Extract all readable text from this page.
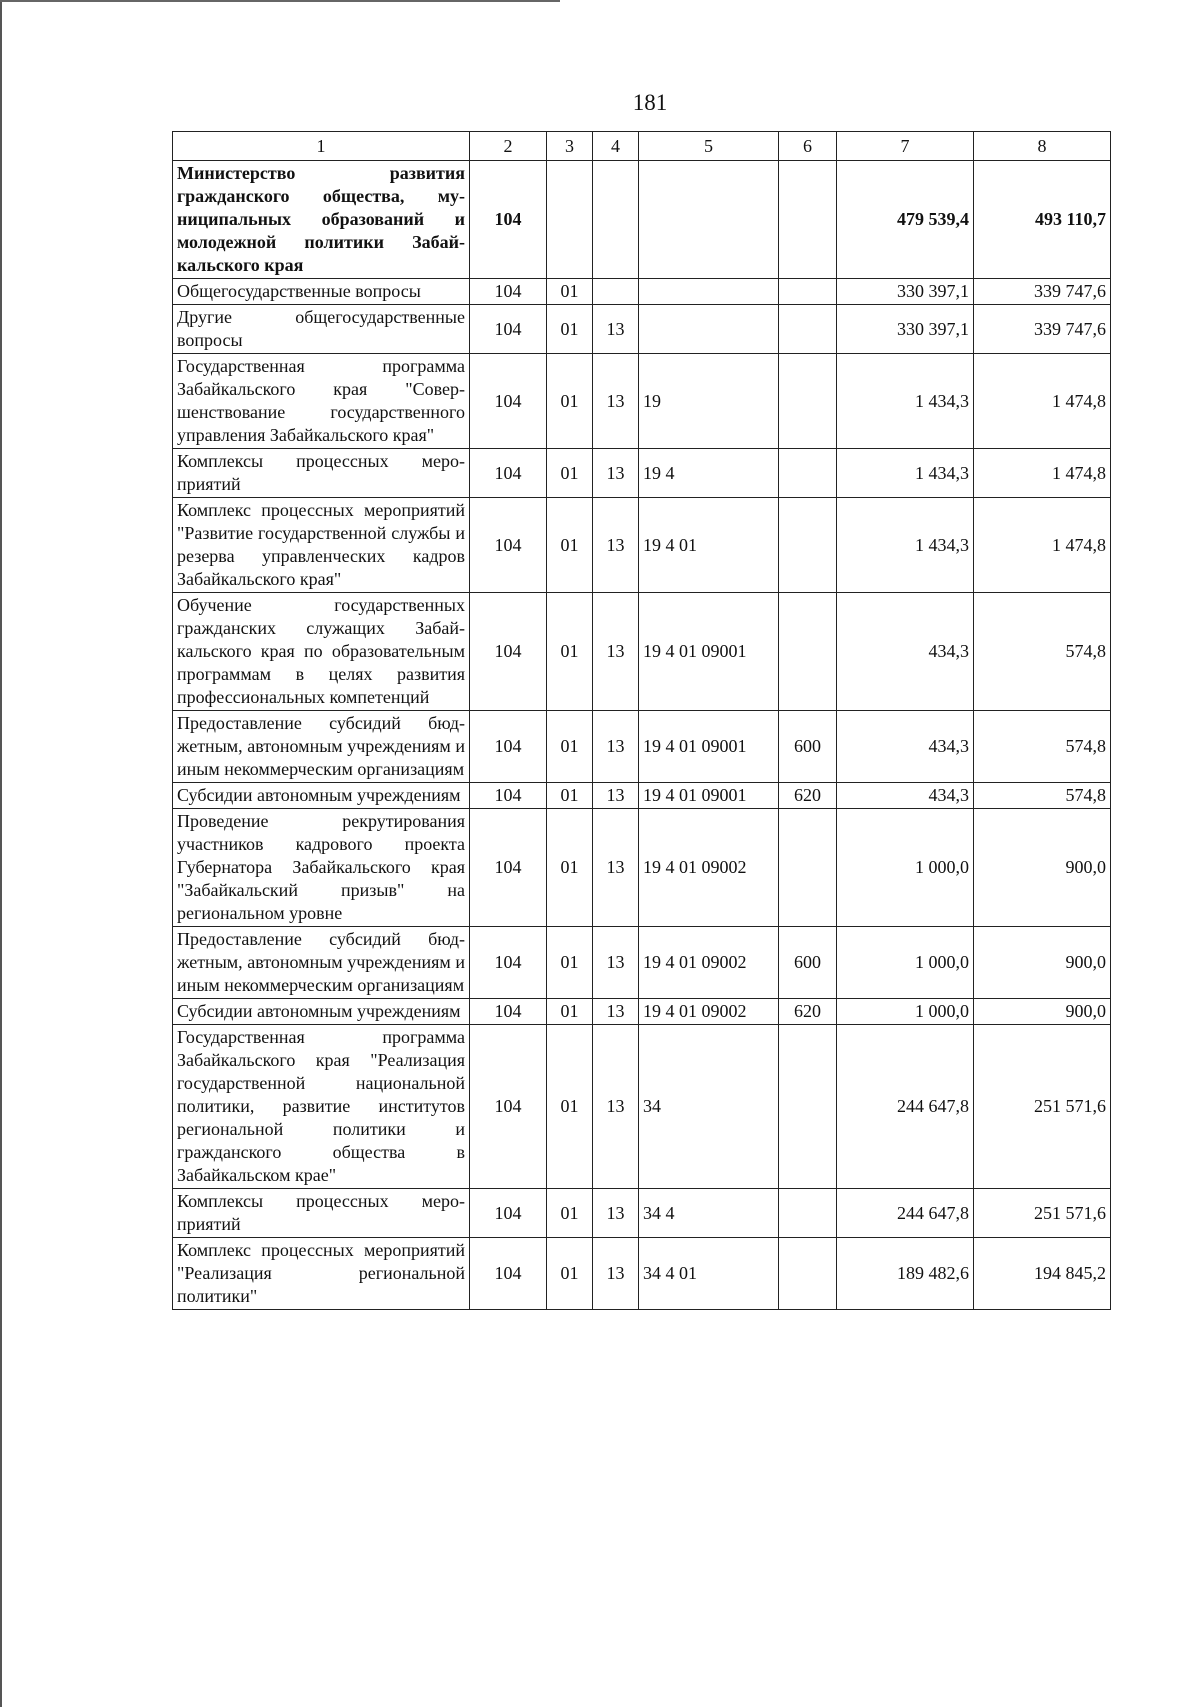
181
1	2	3	4	5	6	7	8
Министерство развития гражданского общества, муниципальных образований и молодежной политики Забайкальского края	104					479 539,4	493 110,7
Общегосударственные вопросы	104	01				330 397,1	339 747,6
Другие общегосударственные вопросы	104	01	13			330 397,1	339 747,6
Государственная программа Забайкальского края "Совершенствование государственного управления Забайкальского края"	104	01	13	19		1 434,3	1 474,8
Комплексы процессных мероприятий	104	01	13	19 4		1 434,3	1 474,8
Комплекс процессных мероприятий "Развитие государственной службы и резерва управленческих кадров Забайкальского края"	104	01	13	19 4 01		1 434,3	1 474,8
Обучение государственных гражданских служащих Забайкальского края по образовательным программам в целях развития профессиональных компетенций	104	01	13	19 4 01 09001		434,3	574,8
Предоставление субсидий бюджетным, автономным учреждениям и иным некоммерческим организациям	104	01	13	19 4 01 09001	600	434,3	574,8
Субсидии автономным учреждениям	104	01	13	19 4 01 09001	620	434,3	574,8
Проведение рекрутирования участников кадрового проекта Губернатора Забайкальского края "Забайкальский призыв" на региональном уровне	104	01	13	19 4 01 09002		1 000,0	900,0
Предоставление субсидий бюджетным, автономным учреждениям и иным некоммерческим организациям	104	01	13	19 4 01 09002	600	1 000,0	900,0
Субсидии автономным учреждениям	104	01	13	19 4 01 09002	620	1 000,0	900,0
Государственная программа Забайкальского края "Реализация государственной национальной политики, развитие институтов региональной политики и гражданского общества в Забайкальском крае"	104	01	13	34		244 647,8	251 571,6
Комплексы процессных мероприятий	104	01	13	34 4		244 647,8	251 571,6
Комплекс процессных мероприятий "Реализация региональной политики"	104	01	13	34 4 01		189 482,6	194 845,2
